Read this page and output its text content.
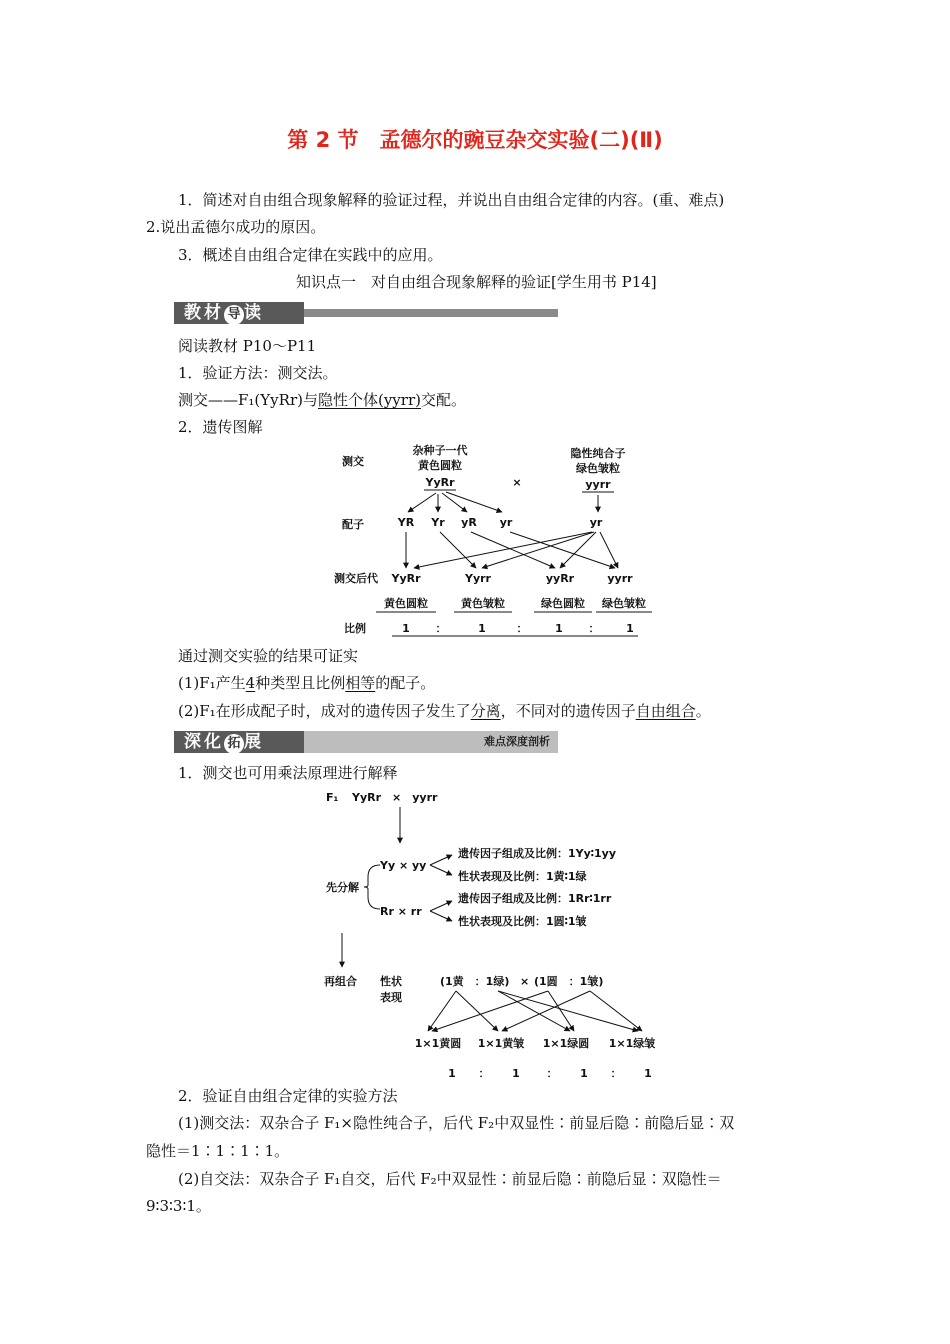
第 2 节　孟德尔的豌豆杂交实验(二)(Ⅱ)
1．简述对自由组合现象解释的验证过程，并说出自由组合定律的内容。(重、难点)
2.说出孟德尔成功的原因。
3．概述自由组合定律在实践中的应用。
知识点一　对自由组合现象解释的验证[学生用书 P14]
教材 导 读
阅读教材 P10～P11
1．验证方法：测交法。
测交——F₁(YyRr)与隐性个体(yyrr)交配。
2．遗传图解
测交
杂种子一代
黄色圆粒
YyRr	×
隐性纯合子
绿色皱粒
yyrr
配子	YR Yr yR yr	yr
测交后代 YyRr	Yyrr	yyRr	yyrr
黄色圆粒	黄色皱粒	绿色圆粒 绿色皱粒
比例	1 ：	1	：	1 ： 1
通过测交实验的结果可证实
(1)F₁产生4种类型且比例相等的配子。
(2)F₁在形成配子时，成对的遗传因子发生了分离，不同对的遗传因子自由组合。
深化 拓 展	难点深度剖析
1．测交也可用乘法原理进行解释
F₁ YyRr　×　yyrr
先分解
Yy × yy
Rr × rr
遗传因子组成及比例：1Yy∶1yy
性状表现及比例：1黄∶1绿
遗传因子组成及比例：1Rr∶1rr
性状表现及比例：1圆∶1皱
再组合 性状
表现
(1黄　：1绿) × (1圆　：1皱)
1×1黄圆 1×1黄皱 1×1绿圆 1×1绿皱
1 ： 1 ： 1 ： 1
2．验证自由组合定律的实验方法
(1)测交法：双杂合子 F₁×隐性纯合子，后代 F₂中双显性∶前显后隐∶前隐后显∶双
隐性＝1∶1∶1∶1。
(2)自交法：双杂合子 F₁自交，后代 F₂中双显性∶前显后隐∶前隐后显∶双隐性＝
9∶3∶3∶1。
